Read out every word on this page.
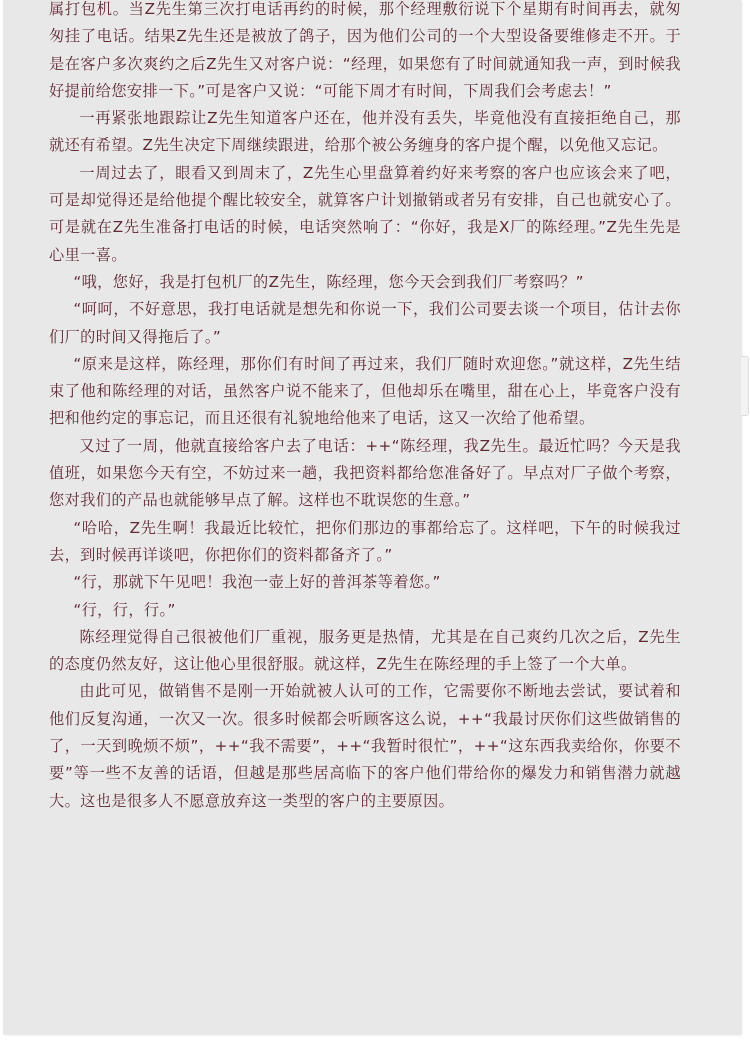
属打包机。当Z先生第三次打电话再约的时候，那个经理敷衍说下个星期有时间再去，就匆匆挂了电话。结果Z先生还是被放了鸽子，因为他们公司的一个大型设备要维修走不开。于是在客户多次爽约之后Z先生又对客户说：“经理，如果您有了时间就通知我一声，到时候我好提前给您安排一下。”可是客户又说：“可能下周才有时间，下周我们会考虑去！”

一再紧张地跟踪让Z先生知道客户还在，他并没有丢失，毕竟他没有直接拒绝自己，那就还有希望。Z先生决定下周继续跟进，给那个被公务缠身的客户提个醒，以免他又忘记。

一周过去了，眼看又到周末了，Z先生心里盘算着约好来考察的客户也应该会来了吧，可是却觉得还是给他提个醒比较安全，就算客户计划撤销或者另有安排，自己也就安心了。可是就在Z先生准备打电话的时候，电话突然响了：“你好，我是X厂的陈经理。”Z先生先是心里一喜。

“哦，您好，我是打包机厂的Z先生，陈经理，您今天会到我们厂考察吗？”

“呵呵，不好意思，我打电话就是想先和你说一下，我们公司要去谈一个项目，估计去你们厂的时间又得拖后了。”

“原来是这样，陈经理，那你们有时间了再过来，我们厂随时欢迎您。”就这样，Z先生结束了他和陈经理的对话，虽然客户说不能来了，但他却乐在嘴里，甜在心上，毕竟客户没有把和他约定的事忘记，而且还很有礼貌地给他来了电话，这又一次给了他希望。

又过了一周，他就直接给客户去了电话：++“陈经理，我Z先生。最近忙吗？今天是我值班，如果您今天有空，不妨过来一趟，我把资料都给您准备好了。早点对厂子做个考察，您对我们的产品也就能够早点了解。这样也不耽误您的生意。”

“哈哈，Z先生啊！我最近比较忙，把你们那边的事都给忘了。这样吧，下午的时候我过去，到时候再详谈吧，你把你们的资料都备齐了。”

“行，那就下午见吧！我泡一壶上好的普洱茶等着您。”

“行，行，行。”

陈经理觉得自己很被他们厂重视，服务更是热情，尤其是在自己爽约几次之后，Z先生的态度仍然友好，这让他心里很舒服。就这样，Z先生在陈经理的手上签了一个大单。

由此可见，做销售不是刚一开始就被人认可的工作，它需要你不断地去尝试，要试着和他们反复沟通，一次又一次。很多时候都会听顾客这么说，++“我最讨厌你们这些做销售的了，一天到晚烦不烦”，++“我不需要”，++“我暂时很忙”，++“这东西我卖给你，你要不要”等一些不友善的话语，但越是那些居高临下的客户他们带给你的爆发力和销售潜力就越大。这也是很多人不愿意放弃这一类型的客户的主要原因。
